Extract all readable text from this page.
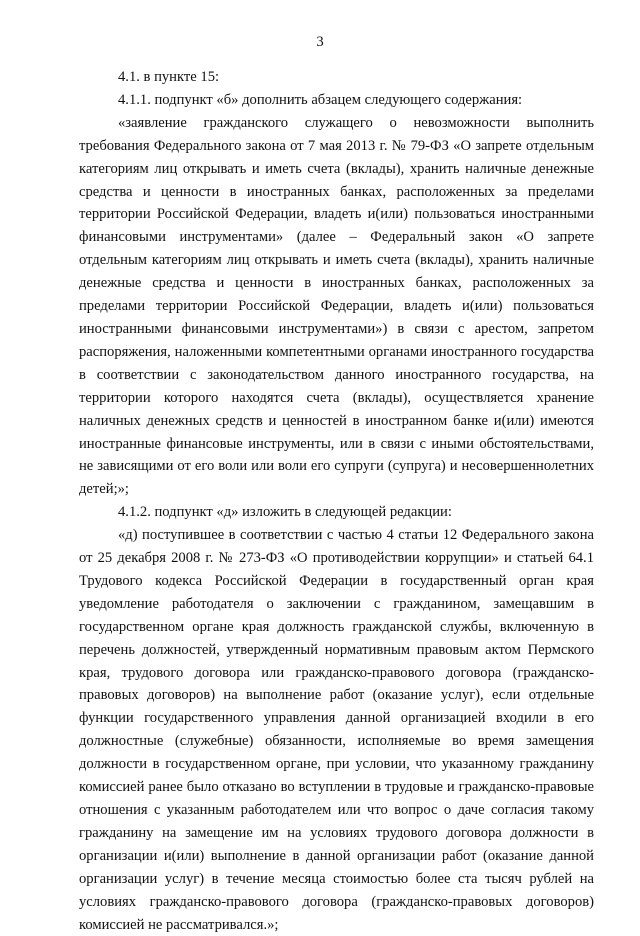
3

4.1. в пункте 15:

4.1.1. подпункт «б» дополнить абзацем следующего содержания:

«заявление гражданского служащего о невозможности выполнить требования Федерального закона от 7 мая 2013 г. № 79-ФЗ «О запрете отдельным категориям лиц открывать и иметь счета (вклады), хранить наличные денежные средства и ценности в иностранных банках, расположенных за пределами территории Российской Федерации, владеть и(или) пользоваться иностранными финансовыми инструментами» (далее – Федеральный закон «О запрете отдельным категориям лиц открывать и иметь счета (вклады), хранить наличные денежные средства и ценности в иностранных банках, расположенных за пределами территории Российской Федерации, владеть и(или) пользоваться иностранными финансовыми инструментами») в связи с арестом, запретом распоряжения, наложенными компетентными органами иностранного государства в соответствии с законодательством данного иностранного государства, на территории которого находятся счета (вклады), осуществляется хранение наличных денежных средств и ценностей в иностранном банке и(или) имеются иностранные финансовые инструменты, или в связи с иными обстоятельствами, не зависящими от его воли или воли его супруги (супруга) и несовершеннолетних детей;»;

4.1.2. подпункт «д» изложить в следующей редакции:

«д) поступившее в соответствии с частью 4 статьи 12 Федерального закона от 25 декабря 2008 г. № 273-ФЗ «О противодействии коррупции» и статьей 64.1 Трудового кодекса Российской Федерации в государственный орган края уведомление работодателя о заключении с гражданином, замещавшим в государственном органе края должность гражданской службы, включенную в перечень должностей, утвержденный нормативным правовым актом Пермского края, трудового договора или гражданско-правового договора (гражданско-правовых договоров) на выполнение работ (оказание услуг), если отдельные функции государственного управления данной организацией входили в его должностные (служебные) обязанности, исполняемые во время замещения должности в государственном органе, при условии, что указанному гражданину комиссией ранее было отказано во вступлении в трудовые и гражданско-правовые отношения с указанным работодателем или что вопрос о даче согласия такому гражданину на замещение им на условиях трудового договора должности в организации и(или) выполнение в данной организации работ (оказание данной организации услуг) в течение месяца стоимостью более ста тысяч рублей на условиях гражданско-правового договора (гражданско-правовых договоров) комиссией не рассматривался.»;
